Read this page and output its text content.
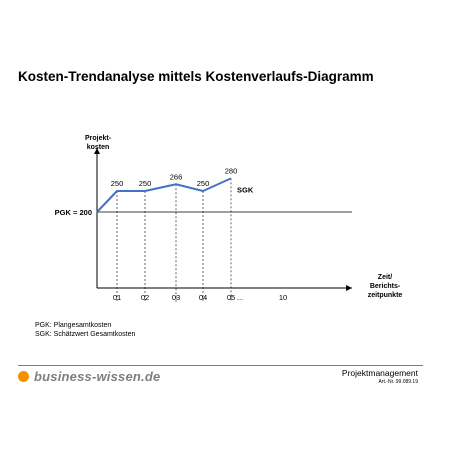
Kosten-Trendanalyse mittels Kostenverlaufs-Diagramm
Projekt-
kosten
Zeit/
Berichts-
zeitpunkte
PGK = 200
250 250
266
250
280
SGK
01	02	03 04	05 ...	10
PGK: Plangesamtkosten
SGK: Schätzwert Gesamtkosten
business-wissen.de	Projektmanagement
Art.-Nr. 99.089.19
